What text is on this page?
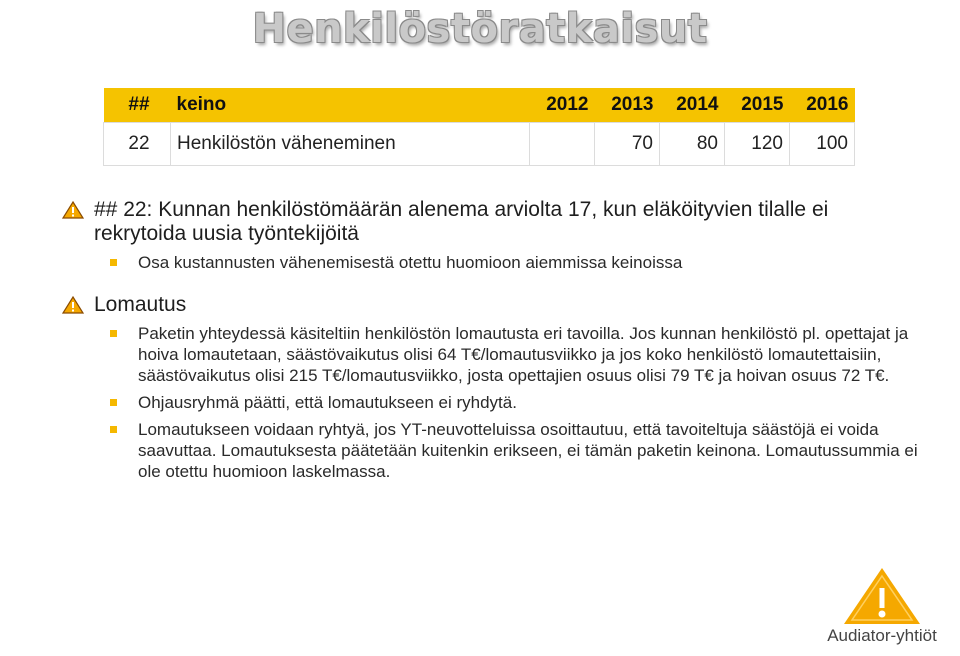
Henkilöstöratkaisut
##	keino	2012	2013	2014	2015	2016
22	Henkilöstön väheneminen		70	80	120	100
## 22: Kunnan henkilöstömäärän alenema arviolta 17, kun eläköityvien tilalle ei rekrytoida uusia työntekijöitä
Osa kustannusten vähenemisestä otettu huomioon aiemmissa keinoissa
Lomautus
Paketin yhteydessä käsiteltiin henkilöstön lomautusta eri tavoilla. Jos kunnan henkilöstö pl. opettajat ja hoiva lomautetaan, säästövaikutus olisi 64 T€/lomautusviikko ja jos koko henkilöstö lomautettaisiin, säästövaikutus olisi 215 T€/lomautusviikko, josta opettajien osuus olisi 79 T€ ja hoivan osuus 72 T€.
Ohjausryhmä päätti, että lomautukseen ei ryhdytä.
Lomautukseen voidaan ryhtyä, jos YT-neuvotteluissa osoittautuu, että tavoiteltuja säästöjä ei voida saavuttaa. Lomautuksesta päätetään kuitenkin erikseen, ei tämän paketin keinona. Lomautussummia ei ole otettu huomioon laskelmassa.
Audiator-yhtiöt
